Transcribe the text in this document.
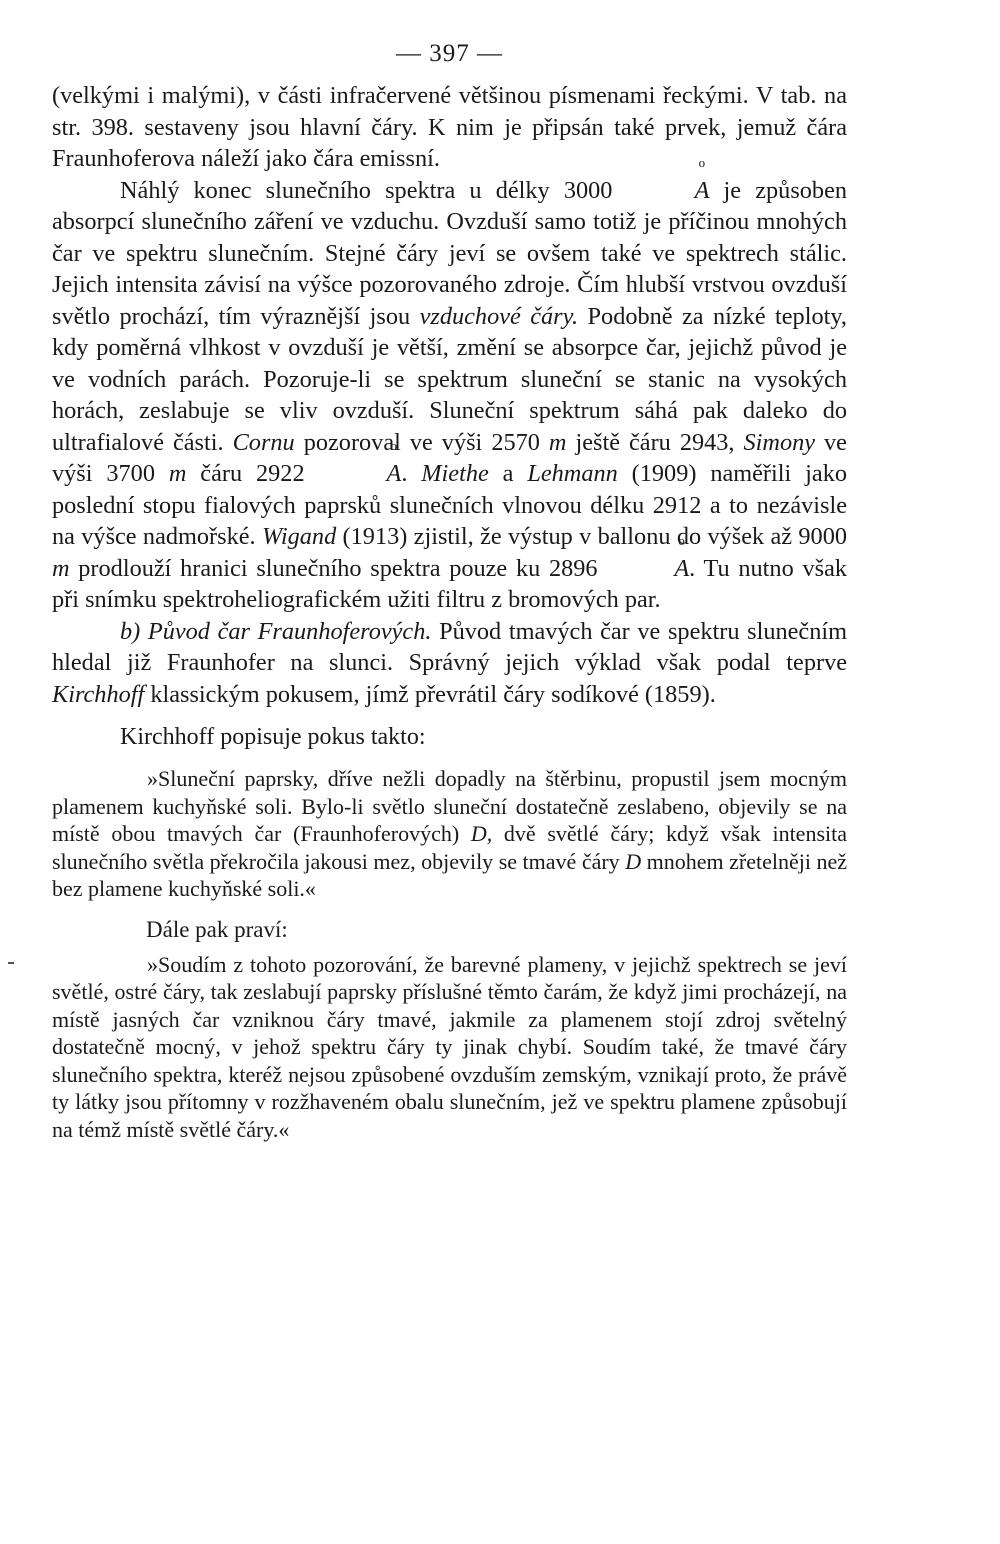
— 397 —

(velkými i malými), v části infračervené většinou písmenami řeckými. V tab. na str. 398. sestaveny jsou hlavní čáry. K nim je připsán také prvek, jemuž čára Fraunhoferova náleží jako čára emissní.

Náhlý konec slunečního spektra u délky 3000	o A je způsoben absorpcí slunečního záření ve vzduchu. Ovzduší samo totiž je příčinou mnohých čar ve spektru slunečním. Stejné čáry jeví se ovšem také ve spektrech stálic. Jejich intensita závisí na výšce pozorovaného zdroje. Čím hlubší vrstvou ovzduší světlo prochází, tím výraznější jsou vzduchové čáry. Podobně za nízké teploty, kdy poměrná vlhkost v ovzduší je větší, změní se absorpce čar, jejichž původ je ve vodních parách. Pozoruje-li se spektrum sluneční se stanic na vysokých horách, zeslabuje se vliv ovzduší. Sluneční spektrum sáhá pak daleko do ultrafialové části. Cornu pozoroval ve výši 2570 m ještě čáru 2943, Simony ve výši 3700 m čáru 2922	o A. Miethe a Lehmann (1909) naměřili jako poslední stopu fialových paprsků slunečních vlnovou délku 2912 a to nezávisle na výšce nadmořské. Wigand (1913) zjistil, že výstup v ballonu do výšek až 9000 m prodlouží hranici slunečního spektra pouze ku 2896	o A. Tu nutno však při snímku spektroheliografickém užiti filtru z bromových par.

b) Původ čar Fraunhoferových. Původ tmavých čar ve spektru slunečním hledal již Fraunhofer na slunci. Správný jejich výklad však podal teprve Kirchhoff klassickým pokusem, jímž převrátil čáry sodíkové (1859).

Kirchhoff popisuje pokus takto:

»Sluneční paprsky, dříve nežli dopadly na štěrbinu, propustil jsem mocným plamenem kuchyňské soli. Bylo-li světlo sluneční dostatečně zeslabeno, objevily se na místě obou tmavých čar (Fraunhoferových) D, dvě světlé čáry; když však intensita slunečního světla překročila jakousi mez, objevily se tmavé čáry D mnohem zřetelněji než bez plamene kuchyňské soli.«

Dále pak praví:

»Soudím z tohoto pozorování, že barevné plameny, v jejichž spektrech se jeví světlé, ostré čáry, tak zeslabují paprsky příslušné těmto čarám, že když jimi procházejí, na místě jasných čar vzniknou čáry tmavé, jakmile za plamenem stojí zdroj světelný dostatečně mocný, v jehož spektru čáry ty jinak chybí. Soudím také, že tmavé čáry slunečního spektra, kteréž nejsou způsobené ovzduším zemským, vznikají proto, že právě ty látky jsou přítomny v rozžhaveném obalu slunečním, jež ve spektru plamene způsobují na témž místě světlé čáry.«
